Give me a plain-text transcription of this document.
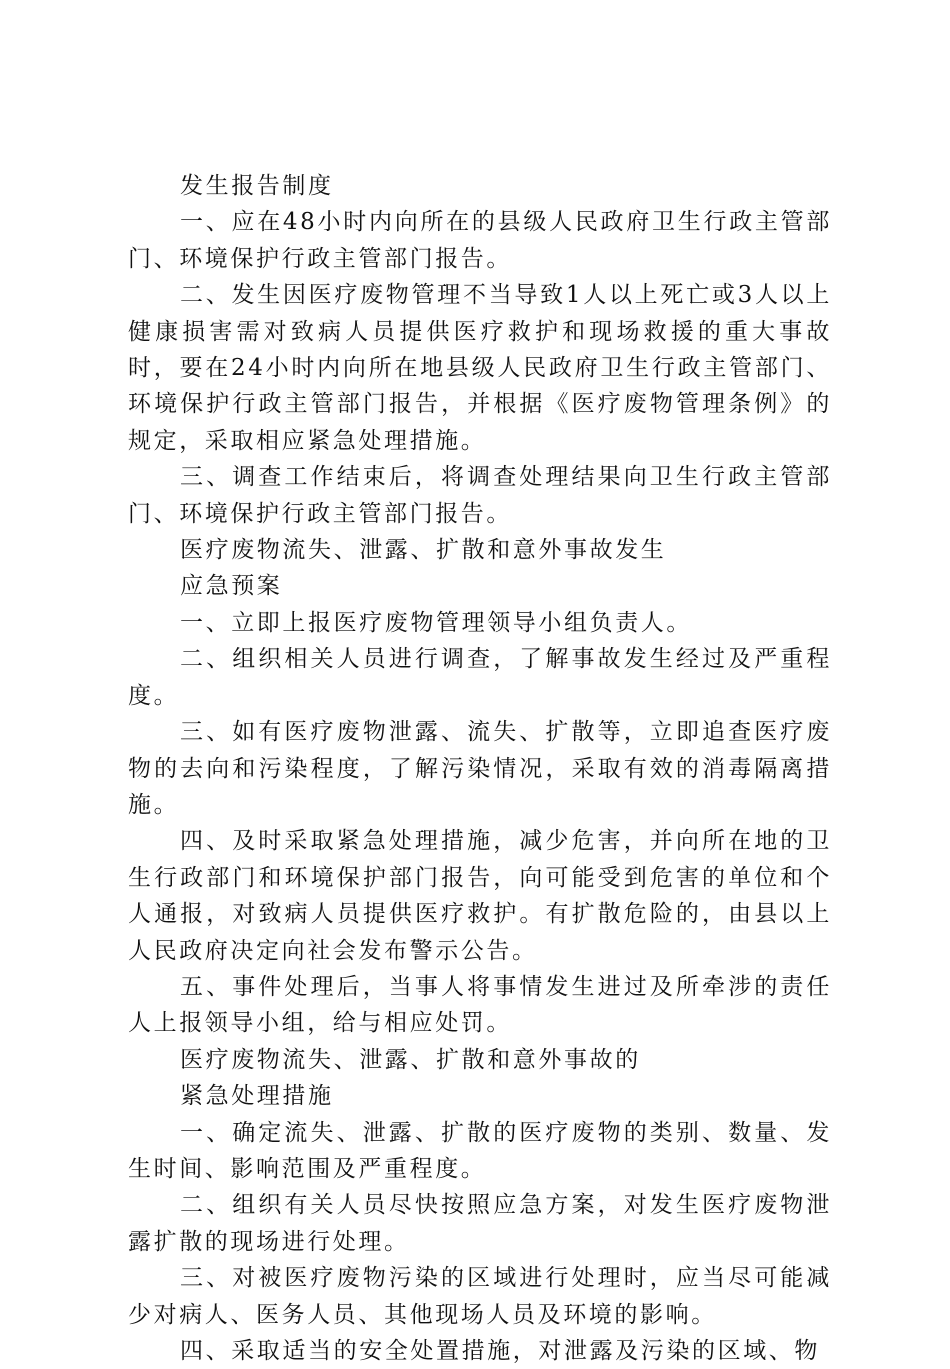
发生报告制度

一、应在48小时内向所在的县级人民政府卫生行政主管部门、环境保护行政主管部门报告。

二、发生因医疗废物管理不当导致1人以上死亡或3人以上健康损害需对致病人员提供医疗救护和现场救援的重大事故时，要在24小时内向所在地县级人民政府卫生行政主管部门、环境保护行政主管部门报告，并根据《医疗废物管理条例》的规定，采取相应紧急处理措施。

三、调查工作结束后，将调查处理结果向卫生行政主管部门、环境保护行政主管部门报告。

医疗废物流失、泄露、扩散和意外事故发生

应急预案

一、立即上报医疗废物管理领导小组负责人。

二、组织相关人员进行调查，了解事故发生经过及严重程度。

三、如有医疗废物泄露、流失、扩散等，立即追查医疗废物的去向和污染程度，了解污染情况，采取有效的消毒隔离措施。

四、及时采取紧急处理措施，减少危害，并向所在地的卫生行政部门和环境保护部门报告，向可能受到危害的单位和个人通报，对致病人员提供医疗救护。有扩散危险的，由县以上人民政府决定向社会发布警示公告。

五、事件处理后，当事人将事情发生进过及所牵涉的责任人上报领导小组，给与相应处罚。

医疗废物流失、泄露、扩散和意外事故的

紧急处理措施

一、确定流失、泄露、扩散的医疗废物的类别、数量、发生时间、影响范围及严重程度。

二、组织有关人员尽快按照应急方案，对发生医疗废物泄露扩散的现场进行处理。

三、对被医疗废物污染的区域进行处理时，应当尽可能减少对病人、医务人员、其他现场人员及环境的影响。

四、采取适当的安全处置措施，对泄露及污染的区域、物
